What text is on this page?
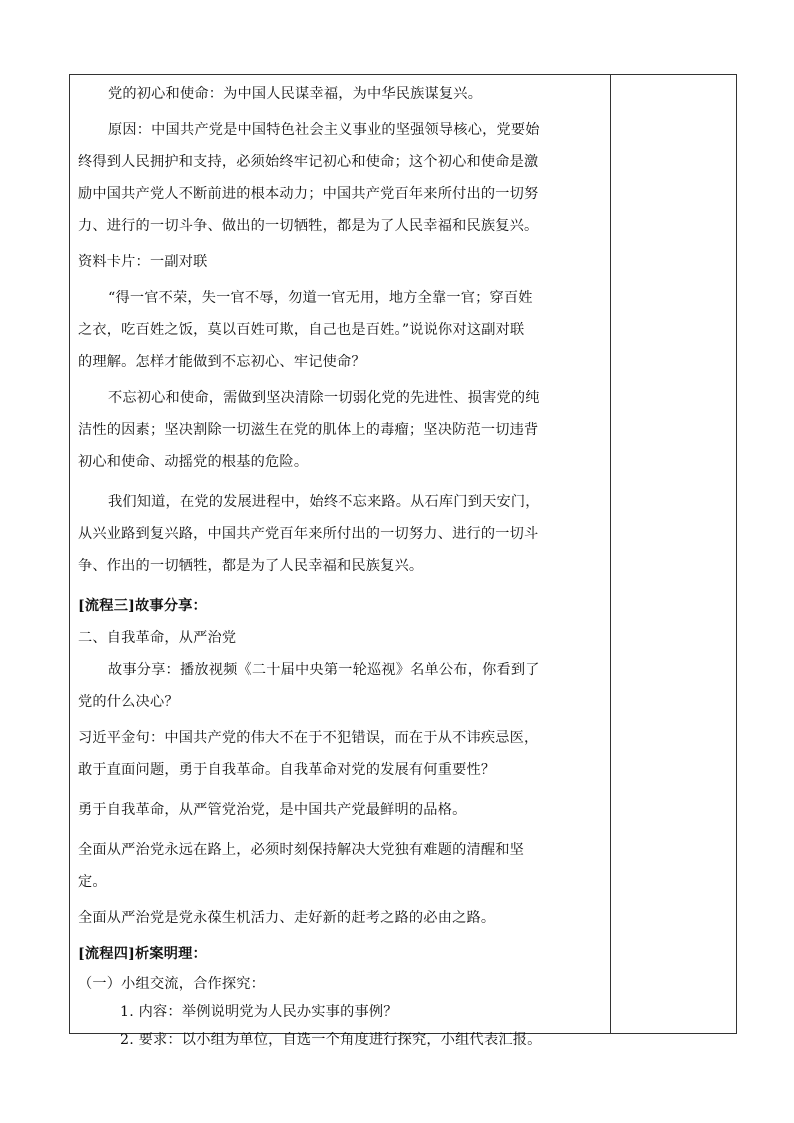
党的初心和使命：为中国人民谋幸福，为中华民族谋复兴。

原因：中国共产党是中国特色社会主义事业的坚强领导核心，党要始

终得到人民拥护和支持，必须始终牢记初心和使命；这个初心和使命是激

励中国共产党人不断前进的根本动力；中国共产党百年来所付出的一切努

力、进行的一切斗争、做出的一切牺牲，都是为了人民幸福和民族复兴。

资料卡片：一副对联

“得一官不荣，失一官不辱，勿道一官无用，地方全靠一官；穿百姓

之衣，吃百姓之饭，莫以百姓可欺，自己也是百姓。”说说你对这副对联

的理解。怎样才能做到不忘初心、牢记使命？

不忘初心和使命，需做到坚决清除一切弱化党的先进性、损害党的纯

洁性的因素；坚决割除一切滋生在党的肌体上的毒瘤；坚决防范一切违背

初心和使命、动摇党的根基的危险。

我们知道，在党的发展进程中，始终不忘来路。从石库门到天安门，

从兴业路到复兴路，中国共产党百年来所付出的一切努力、进行的一切斗

争、作出的一切牺牲，都是为了人民幸福和民族复兴。

[流程三]故事分享：

二、自我革命，从严治党

故事分享：播放视频《二十届中央第一轮巡视》名单公布，你看到了

党的什么决心？

习近平金句：中国共产党的伟大不在于不犯错误，而在于从不讳疾忌医，

敢于直面问题，勇于自我革命。自我革命对党的发展有何重要性？

勇于自我革命，从严管党治党，是中国共产党最鲜明的品格。

全面从严治党永远在路上，必须时刻保持解决大党独有难题的清醒和坚

定。

全面从严治党是党永葆生机活力、走好新的赶考之路的必由之路。

[流程四]析案明理：

（一）小组交流，合作探究：

1. 内容：举例说明党为人民办实事的事例？

2. 要求：以小组为单位，自选一个角度进行探究，小组代表汇报。
